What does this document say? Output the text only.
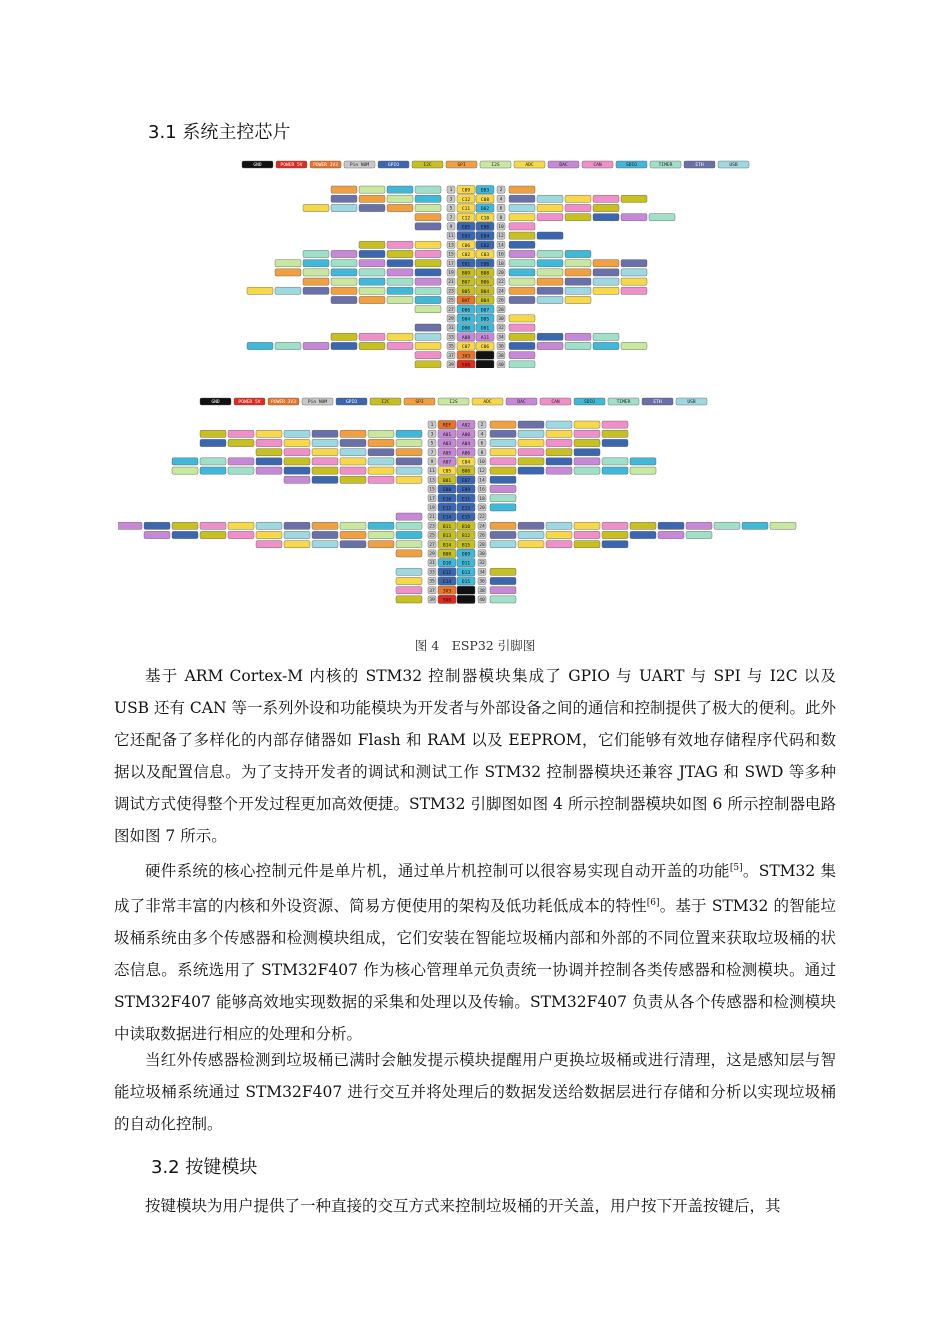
3.1 系统主控芯片
GND	POWER 5V POWER 3V3	Pin NUM	GPIO	I2C	SPI	I2S	ADC	DAC	CAN	SDIO	TIMER	ETH	USB
1	2
C09 D83
3	4
C12 C08
5	6
C11 D02
7	8
C12 C10
9	10
E05 E06
11	12
E03 E04
13	14
C06 E02
15	16
C02 C03
17	18
E01 E00
19	20
B09 B08
21	22
B07 B06
23	24
B05 B04
25	26
BAT B04
27	28
D06 D07
29	30
D04 D05
31	32
D00 D01
33	34
A08 A11
35	36
C07 C06
37	38
3V3 GND
39	40
5V0 GND
GND	POWER 5V POWER 3V3	Pin NUM	GPIO	I2C	SPI	I2S	ADC	DAC	CAN	SDIO	TIMER	ETH	USB
1	2
REF A02
3	4
A01 A00
5	6
A03 A04
7	8
A05 A06
9	10
A07 C04
11	12
C05 B00
13	14
B01 E07
15	16
E08 E09
17	18
E10 E11
19	20
E12 E13
21	22
E14 E15
23	24
B11 B10
25	26
B13 B12
27	28
B14 B15
29	30
B08 D09
31	32
D10 D11
33	34
E12 D13
35	36
E14 D15
37	38
3V3 AGND
39	40
5V0 GND
图 4　ESP32 引脚图

基于 ARM Cortex-M 内核的 STM32 控制器模块集成了 GPIO 与 UART 与 SPI 与 I2C 以及 USB 还有 CAN 等一系列外设和功能模块为开发者与外部设备之间的通信和控制提供了极大的便利。此外它还配备了多样化的内部存储器如 Flash 和 RAM 以及 EEPROM，它们能够有效地存储程序代码和数据以及配置信息。为了支持开发者的调试和测试工作 STM32 控制器模块还兼容 JTAG 和 SWD 等多种调试方式使得整个开发过程更加高效便捷。STM32 引脚图如图 4 所示控制器模块如图 6 所示控制器电路图如图 7 所示。

硬件系统的核心控制元件是单片机，通过单片机控制可以很容易实现自动开盖的功能[5]。STM32 集成了非常丰富的内核和外设资源、简易方便使用的架构及低功耗低成本的特性[6]。基于 STM32 的智能垃圾桶系统由多个传感器和检测模块组成，它们安装在智能垃圾桶内部和外部的不同位置来获取垃圾桶的状态信息。系统选用了 STM32F407 作为核心管理单元负责统一协调并控制各类传感器和检测模块。通过 STM32F407 能够高效地实现数据的采集和处理以及传输。STM32F407 负责从各个传感器和检测模块中读取数据进行相应的处理和分析。

当红外传感器检测到垃圾桶已满时会触发提示模块提醒用户更换垃圾桶或进行清理，这是感知层与智能垃圾桶系统通过 STM32F407 进行交互并将处理后的数据发送给数据层进行存储和分析以实现垃圾桶的自动化控制。

3.2 按键模块

按键模块为用户提供了一种直接的交互方式来控制垃圾桶的开关盖，用户按下开盖按键后，其
